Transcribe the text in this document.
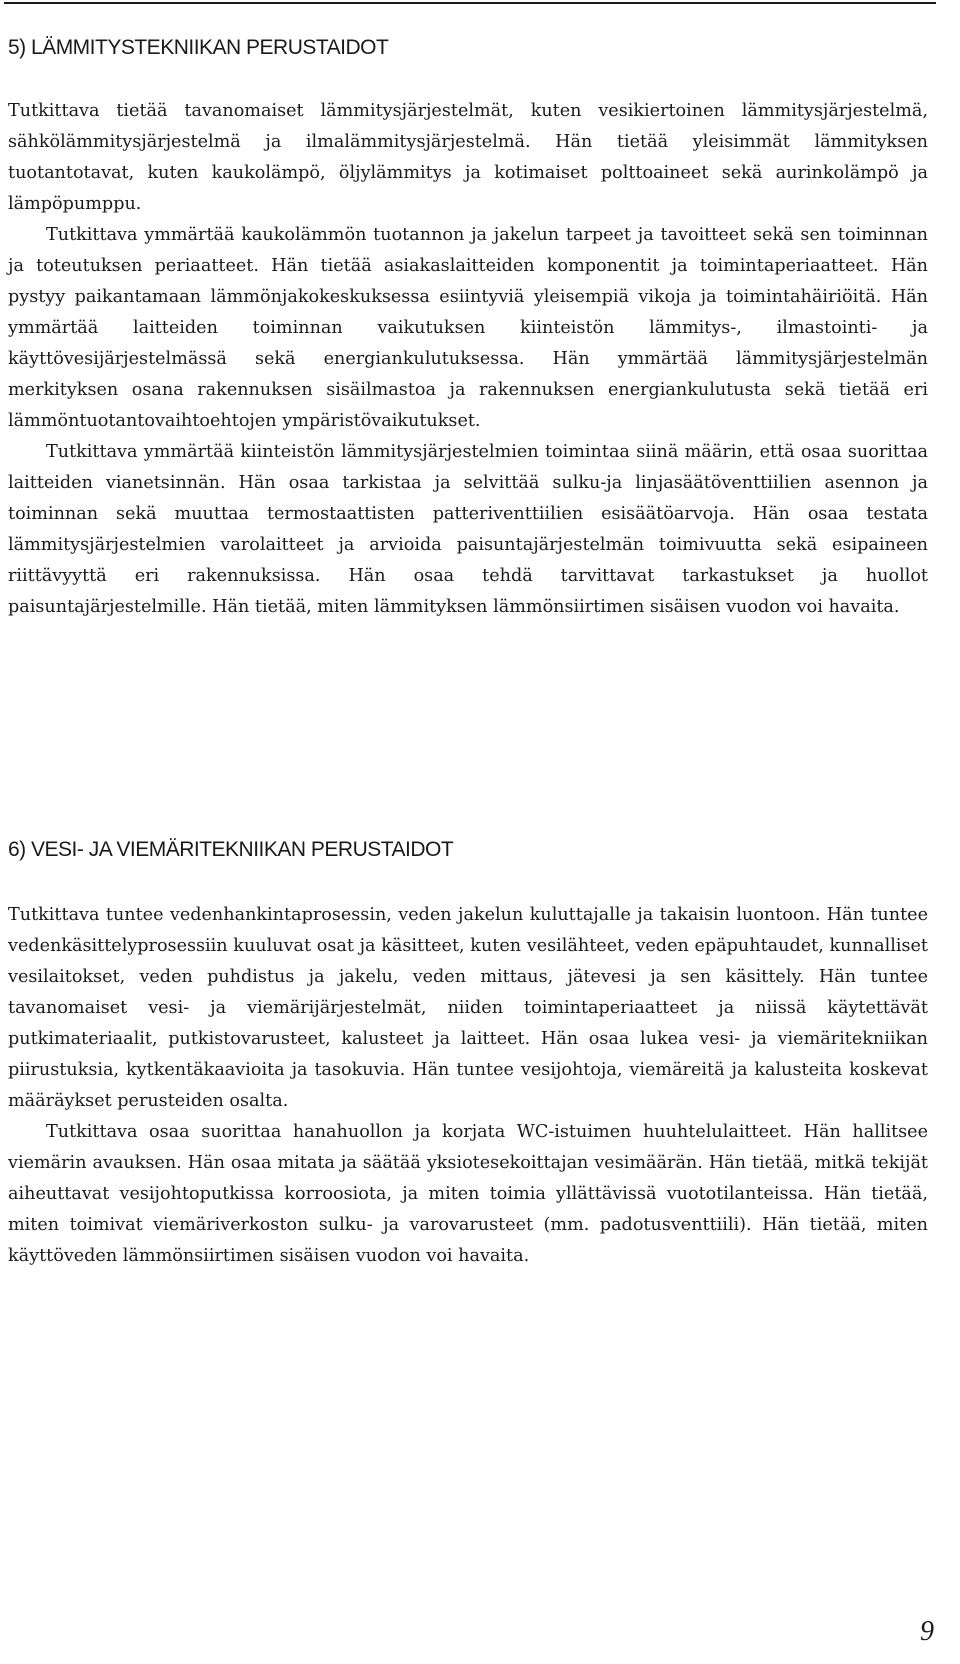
5) LÄMMITYSTEKNIIKAN PERUSTAIDOT

Tutkittava tietää tavanomaiset lämmitysjärjestelmät, kuten vesikiertoinen lämmitysjärjestelmä, sähkölämmitysjärjestelmä ja ilmalämmitysjärjestelmä. Hän tietää yleisimmät lämmityksen tuotantotavat, kuten kaukolämpö, öljylämmitys ja kotimaiset polttoaineet sekä aurinkolämpö ja lämpöpumppu.

Tutkittava ymmärtää kaukolämmön tuotannon ja jakelun tarpeet ja tavoitteet sekä sen toiminnan ja toteutuksen periaatteet. Hän tietää asiakaslaitteiden komponentit ja toimintaperiaatteet. Hän pystyy paikantamaan lämmönjakokeskuksessa esiintyviä yleisempiä vikoja ja toimintahäiriöitä. Hän ymmärtää laitteiden toiminnan vaikutuksen kiinteistön lämmitys-, ilmastointi- ja käyttövesijärjestelmässä sekä energiankulutuksessa. Hän ymmärtää lämmitysjärjestelmän merkityksen osana rakennuksen sisäilmastoa ja rakennuksen energiankulutusta sekä tietää eri lämmöntuotantovaihtoehtojen ympäristövaikutukset.

Tutkittava ymmärtää kiinteistön lämmitysjärjestelmien toimintaa siinä määrin, että osaa suorittaa laitteiden vianetsinnän. Hän osaa tarkistaa ja selvittää sulku-ja linjasäätöventtiilien asennon ja toiminnan sekä muuttaa termostaattisten patteriventtiilien esisäätöarvoja. Hän osaa testata lämmitysjärjestelmien varolaitteet ja arvioida paisuntajärjestelmän toimivuutta sekä esipaineen riittävyyttä eri rakennuksissa. Hän osaa tehdä tarvittavat tarkastukset ja huollot paisuntajärjestelmille. Hän tietää, miten lämmityksen lämmönsiirtimen sisäisen vuodon voi havaita.

6) VESI- JA VIEMÄRITEKNIIKAN PERUSTAIDOT

Tutkittava tuntee vedenhankintaprosessin, veden jakelun kuluttajalle ja takaisin luontoon. Hän tuntee vedenkäsittelyprosessiin kuuluvat osat ja käsitteet, kuten vesilähteet, veden epäpuhtaudet, kunnalliset vesilaitokset, veden puhdistus ja jakelu, veden mittaus, jätevesi ja sen käsittely. Hän tuntee tavanomaiset vesi- ja viemärijärjestelmät, niiden toimintaperiaatteet ja niissä käytettävät putkimateriaalit, putkistovarusteet, kalusteet ja laitteet. Hän osaa lukea vesi- ja viemäritekniikan piirustuksia, kytkentäkaavioita ja tasokuvia. Hän tuntee vesijohtoja, viemäreitä ja kalusteita koskevat määräykset perusteiden osalta.

Tutkittava osaa suorittaa hanahuollon ja korjata WC-istuimen huuhtelulaitteet. Hän hallitsee viemärin avauksen. Hän osaa mitata ja säätää yksiotesekoittajan vesimäärän. Hän tietää, mitkä tekijät aiheuttavat vesijohtoputkissa korroosiota, ja miten toimia yllättävissä vuototilanteissa. Hän tietää, miten toimivat viemäriverkoston sulku- ja varovarusteet (mm. padotusventtiili). Hän tietää, miten käyttöveden lämmönsiirtimen sisäisen vuodon voi havaita.

9
